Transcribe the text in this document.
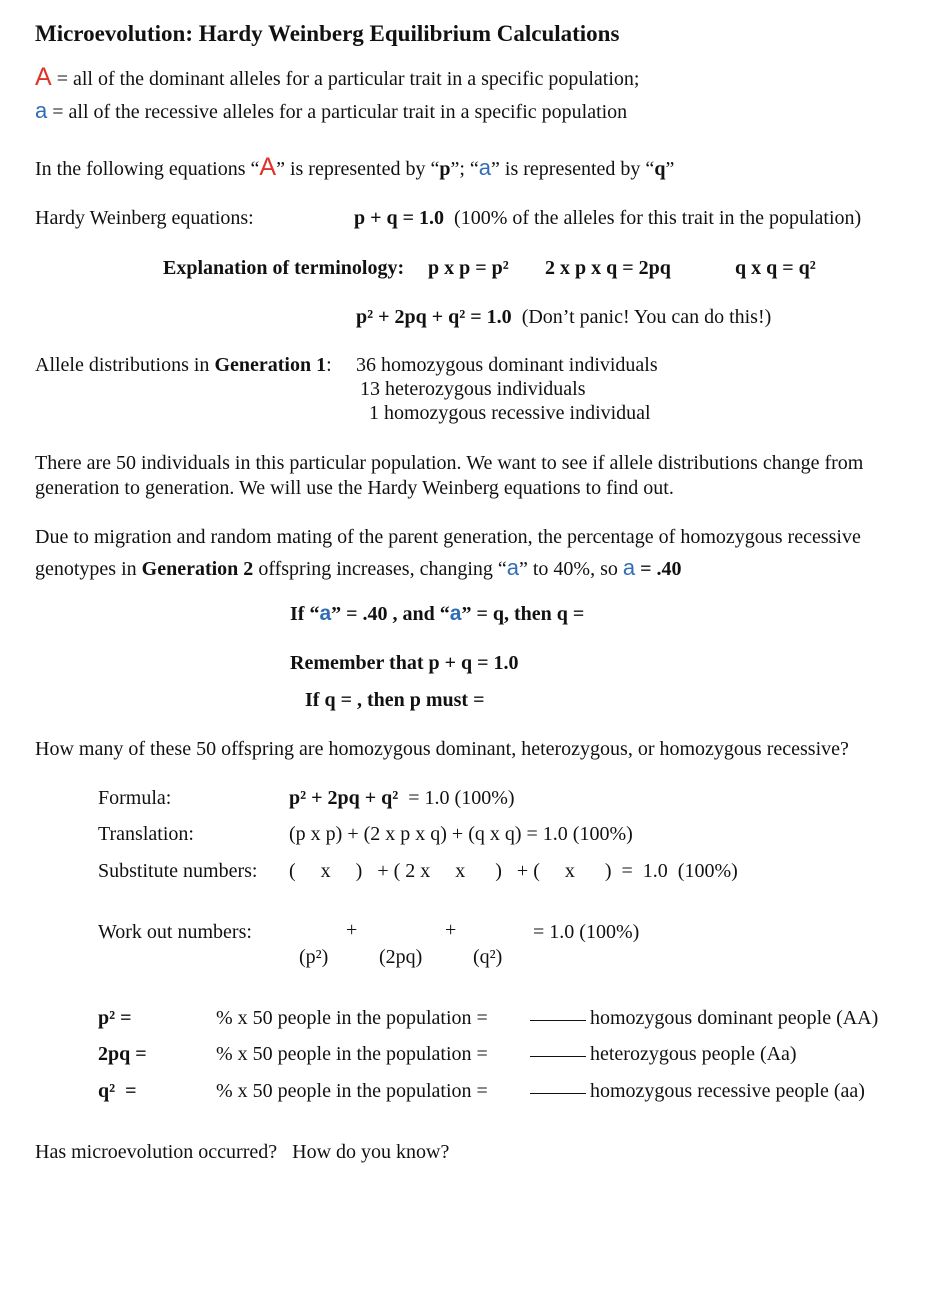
Microevolution: Hardy Weinberg Equilibrium Calculations
A = all of the dominant alleles for a particular trait in a specific population;
a = all of the recessive alleles for a particular trait in a specific population
In the following equations “A” is represented by “p”; “a” is represented by “q”
Hardy Weinberg equations:	p + q = 1.0 (100% of the alleles for this trait in the population)
Explanation of terminology: p x p = p² 2 x p x q = 2pq	q x q = q²
p² + 2pq + q² = 1.0 (Don’t panic! You can do this!)
Allele distributions in Generation 1: 36 homozygous dominant individuals
13 heterozygous individuals
1 homozygous recessive individual
There are 50 individuals in this particular population. We want to see if allele distributions change from
generation to generation. We will use the Hardy Weinberg equations to find out.
Due to migration and random mating of the parent generation, the percentage of homozygous recessive
genotypes in Generation 2 offspring increases, changing “a” to 40%, so a = .40
If “a” = .40 , and “a” = q, then q =
Remember that p + q = 1.0
If q = , then p must =
How many of these 50 offspring are homozygous dominant, heterozygous, or homozygous recessive?
Formula:	p² + 2pq + q² = 1.0 (100%)
Translation:	(p x p) + (2 x p x q) + (q x q) = 1.0 (100%)
Substitute numbers: (     x     )   + ( 2 x     x      )   + (     x      )  =  1.0  (100%)
Work out numbers:	+	+	= 1.0 (100%)
(p²)	(2pq)	(q²)
p² =	% x 50 people in the population =	homozygous dominant people (AA)
2pq =	% x 50 people in the population =	heterozygous people (Aa)
q²  =	% x 50 people in the population =	homozygous recessive people (aa)
Has microevolution occurred?   How do you know?
